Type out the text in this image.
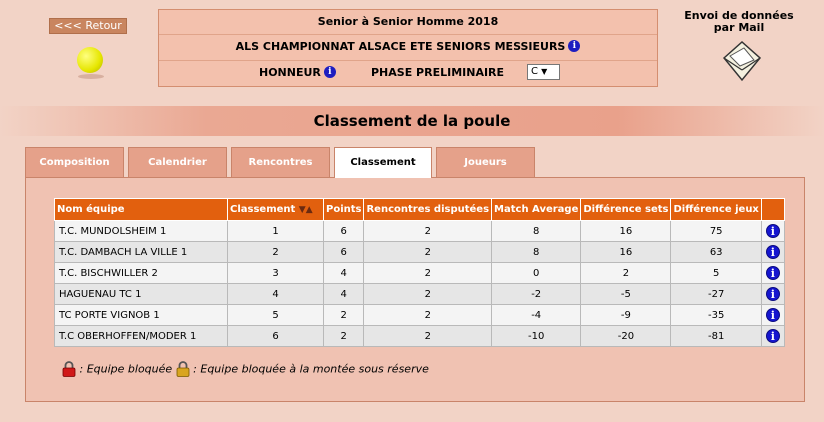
<<< Retour	Senior à Senior Homme 2018
ALS CHAMPIONNAT ALSACE ETE SENIORS MESSIEURS i
HONNEUR i	PHASE PRELIMINAIRE	C ▼
Envoi de données
par Mail
Classement de la poule
Composition	Calendrier	Rencontres	Classement	Joueurs
Nom équipe	Classement ▼▲	Points	Rencontres disputées	Match Average	Différence sets	Différence jeux	
T.C. MUNDOLSHEIM 1	1	6	2	8	16	75	i
T.C. DAMBACH LA VILLE 1	2	6	2	8	16	63	i
T.C. BISCHWILLER 2	3	4	2	0	2	5	i
HAGUENAU TC 1	4	4	2	-2	-5	-27	i
TC PORTE VIGNOB 1	5	2	2	-4	-9	-35	i
T.C OBERHOFFEN/MODER 1	6	2	2	-10	-20	-81	i
: Equipe bloquée : Equipe bloquée à la montée sous réserve
